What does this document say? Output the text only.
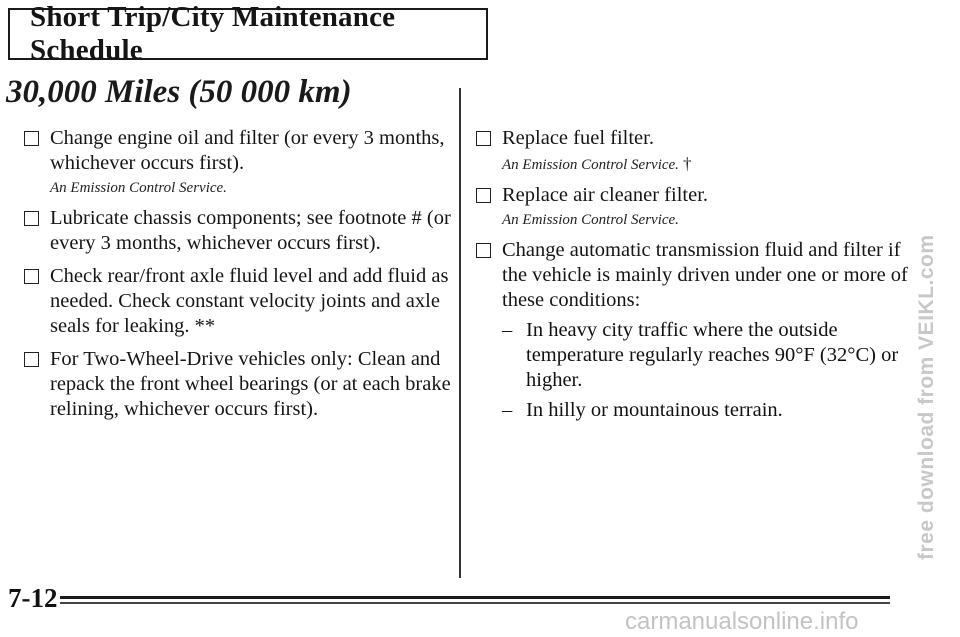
Short Trip/City Maintenance Schedule
30,000 Miles (50 000 km)
Change engine oil and filter (or every 3 months, whichever occurs first).
An Emission Control Service.
Lubricate chassis components; see footnote # (or every 3 months, whichever occurs first).
Check rear/front axle fluid level and add fluid as needed. Check constant velocity joints and axle seals for leaking. **
For Two-Wheel-Drive vehicles only: Clean and repack the front wheel bearings (or at each brake relining, whichever occurs first).
Replace fuel filter.
An Emission Control Service. †
Replace air cleaner filter.
An Emission Control Service.
Change automatic transmission fluid and filter if the vehicle is mainly driven under one or more of these conditions:
– In heavy city traffic where the outside temperature regularly reaches 90°F (32°C) or higher.
– In hilly or mountainous terrain.
7-12
free download from VEIKL.com
carmanualsonline.info
